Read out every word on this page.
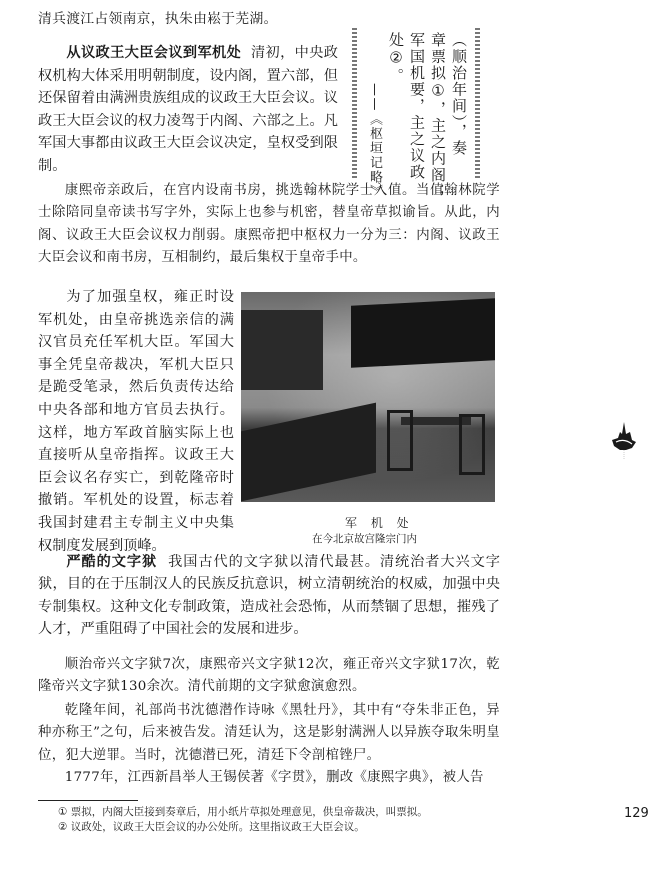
清兵渡江占领南京，执朱由崧于芜湖。

从议政王大臣会议到军机处 清初，中央政权机构大体采用明朝制度，设内阁，置六部，但还保留着由满洲贵族组成的议政王大臣会议。议政王大臣会议的权力凌驾于内阁、六部之上。凡军国大事都由议政王大臣会议决定，皇权受到限制。

（顺治年间），奏
章票拟①，主之内阁；
军国机要，主之议政
处②。
——《枢垣记略》

康熙帝亲政后，在宫内设南书房，挑选翰林院学士入值。当值翰林院学士除陪同皇帝读书写字外，实际上也参与机密，替皇帝草拟谕旨。从此，内阁、议政王大臣会议权力削弱。康熙帝把中枢权力一分为三：内阁、议政王大臣会议和南书房，互相制约，最后集权于皇帝手中。

为了加强皇权，雍正时设军机处，由皇帝挑选亲信的满汉官员充任军机大臣。军国大事全凭皇帝裁决，军机大臣只是跪受笔录，然后负责传达给中央各部和地方官员去执行。这样，地方军政首脑实际上也直接听从皇帝指挥。议政王大臣会议名存实亡，到乾隆帝时撤销。军机处的设置，标志着我国封建君主专制主义中央集权制度发展到顶峰。

军 机 处
在今北京故宫隆宗门内

严酷的文字狱 我国古代的文字狱以清代最甚。清统治者大兴文字狱，目的在于压制汉人的民族反抗意识，树立清朝统治的权威，加强中央专制集权。这种文化专制政策，造成社会恐怖，从而禁锢了思想，摧残了人才，严重阻碍了中国社会的发展和进步。

顺治帝兴文字狱7次，康熙帝兴文字狱12次，雍正帝兴文字狱17次，乾隆帝兴文字狱130余次。清代前期的文字狱愈演愈烈。

乾隆年间，礼部尚书沈德潜作诗咏《黑牡丹》，其中有“夺朱非正色，异种亦称王”之句，后来被告发。清廷认为，这是影射满洲人以异族夺取朱明皇位，犯大逆罪。当时，沈德潜已死，清廷下令剖棺锉尸。

1777年，江西新昌举人王锡侯著《字贯》，删改《康熙字典》，被人告

① 票拟，内阁大臣接到奏章后，用小纸片草拟处理意见，供皇帝裁决，叫票拟。
② 议政处，议政王大臣会议的办公处所。这里指议政王大臣会议。
129
